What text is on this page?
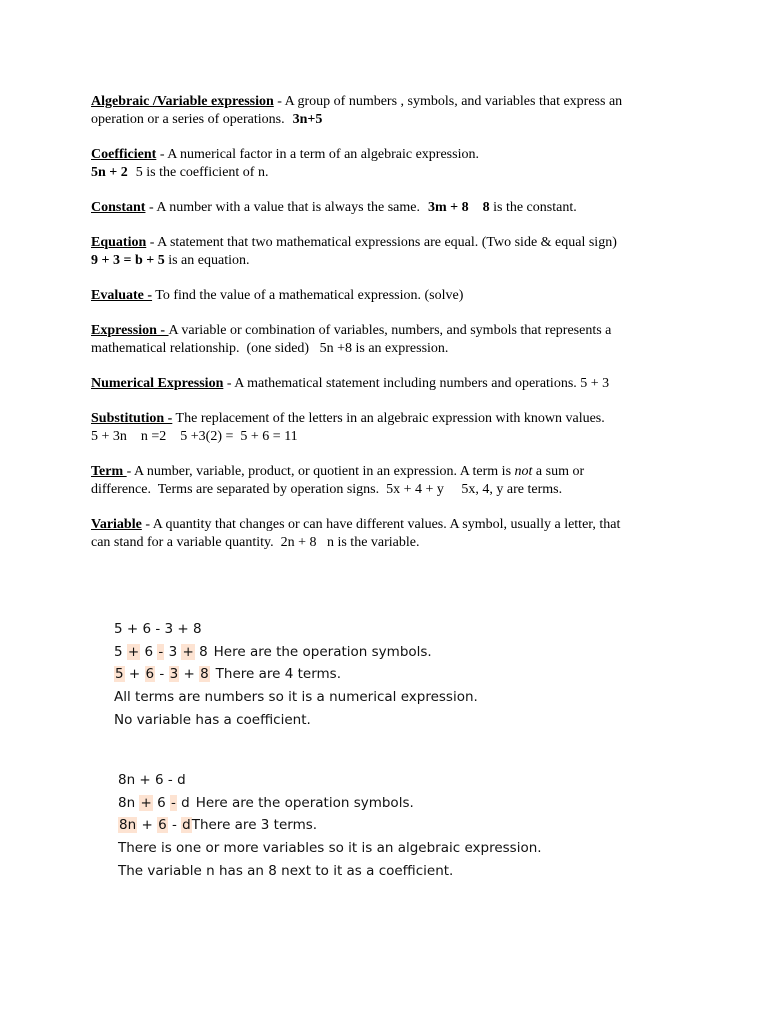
Algebraic /Variable expression - A group of numbers , symbols, and variables that express an
operation or a series of operations. 3n+5
Coefficient - A numerical factor in a term of an algebraic expression.
5n + 2 5 is the coefficient of n.
Constant - A number with a value that is always the same. 3m + 8 8 is the constant.
Equation - A statement that two mathematical expressions are equal. (Two side & equal sign)
9 + 3 = b + 5 is an equation.
Evaluate - To find the value of a mathematical expression. (solve)
Expression - A variable or combination of variables, numbers, and symbols that represents a
mathematical relationship.  (one sided)   5n +8 is an expression.
Numerical Expression - A mathematical statement including numbers and operations. 5 + 3
Substitution - The replacement of the letters in an algebraic expression with known values.
5 + 3n    n =2    5 +3(2) =  5 + 6 = 11
Term - A number, variable, product, or quotient in an expression. A term is not a sum or
difference.  Terms are separated by operation signs.  5x + 4 + y     5x, 4, y are terms.
Variable - A quantity that changes or can have different values. A symbol, usually a letter, that
can stand for a variable quantity.  2n + 8   n is the variable.
5 + 6 - 3 + 8
5 + 6 - 3 + 8 Here are the operation symbols.
5 + 6 - 3 + 8 There are 4 terms.
All terms are numbers so it is a numerical expression.
No variable has a coefficient.
8n + 6 - d
8n + 6 - d Here are the operation symbols.
8n + 6 - dThere are 3 terms.
There is one or more variables so it is an algebraic expression.
The variable n has an 8 next to it as a coefficient.
